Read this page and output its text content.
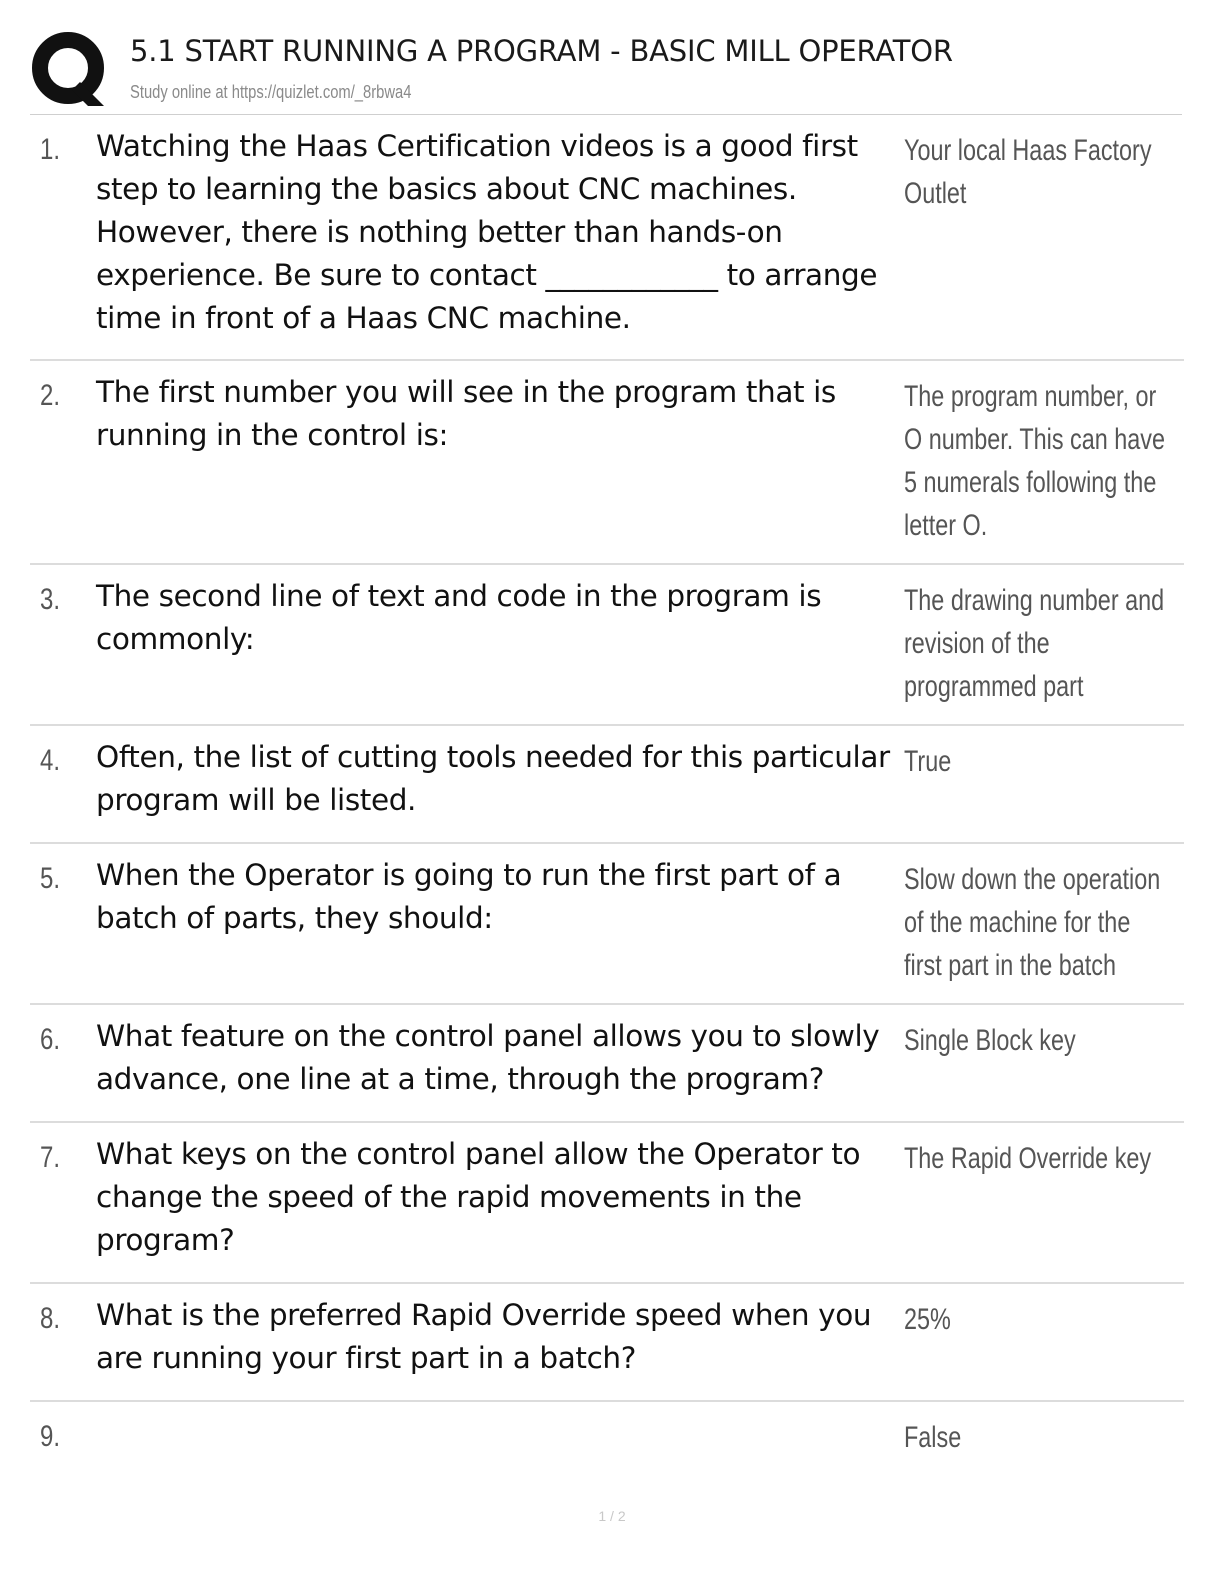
5.1 START RUNNING A PROGRAM - BASIC MILL OPERATOR
Study online at https://quizlet.com/_8rbwa4
1. Watching the Haas Certification videos is a good first step to learning the basics about CNC machines. However, there is nothing better than hands-on experience. Be sure to contact ____________ to arrange time in front of a Haas CNC machine.
Your local Haas Factory Outlet
2. The first number you will see in the program that is running in the control is:
The program number, or O number. This can have 5 numerals following the letter O.
3. The second line of text and code in the program is commonly:
The drawing number and revision of the programmed part
4. Often, the list of cutting tools needed for this particular program will be listed.
True
5. When the Operator is going to run the first part of a batch of parts, they should:
Slow down the operation of the machine for the first part in the batch
6. What feature on the control panel allows you to slowly advance, one line at a time, through the program?
Single Block key
7. What keys on the control panel allow the Operator to change the speed of the rapid movements in the program?
The Rapid Override key
8. What is the preferred Rapid Override speed when you are running your first part in a batch?
25%
9.	False
1 / 2
